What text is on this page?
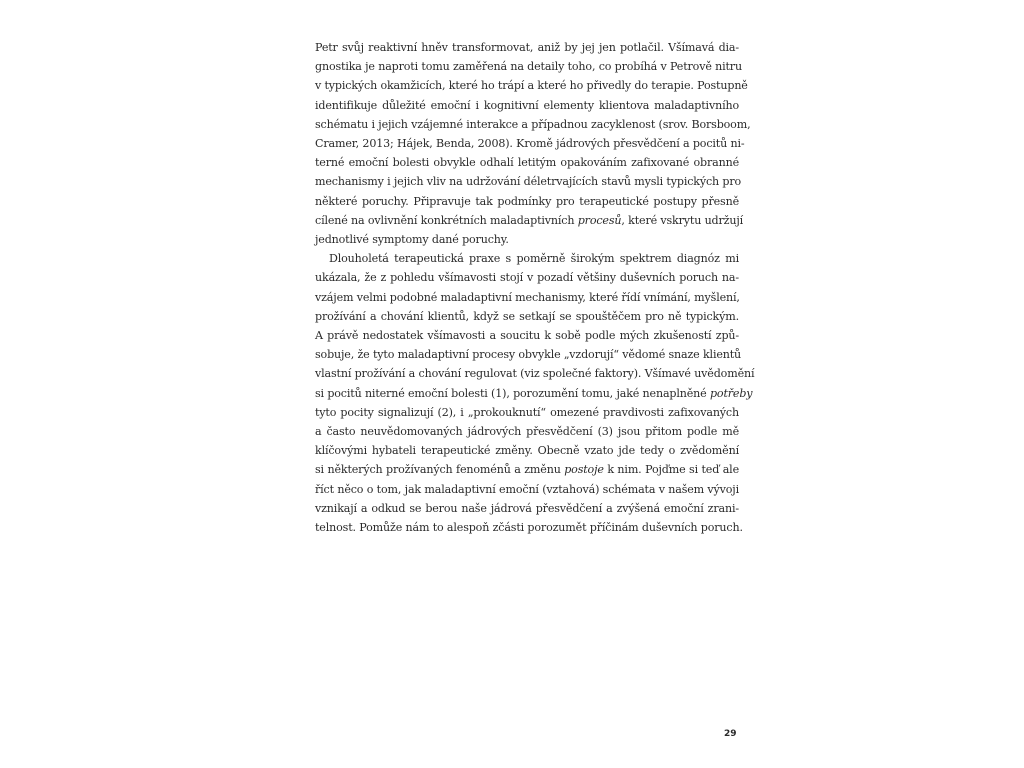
Petr svůj reaktivní hněv transformovat, aniž by jej jen potlačil. Všímavá dia-
gnostika je naproti tomu zaměřená na detaily toho, co probíhá v Petrově nitru
v typických okamžicích, které ho trápí a které ho přivedly do terapie. Postupně
identifikuje důležité emoční i kognitivní elementy klientova maladaptivního
schématu i jejich vzájemné interakce a případnou zacyklenost (srov. Borsboom,
Cramer, 2013; Hájek, Benda, 2008). Kromě jádrových přesvědčení a pocitů ni-
terné emoční bolesti obvykle odhalí letitým opakováním zafixované obranné
mechanismy i jejich vliv na udržování déletrvajících stavů mysli typických pro
některé poruchy. Připravuje tak podmínky pro terapeutické postupy přesně
cílené na ovlivnění konkrétních maladaptivních procesů, které vskrytu udržují
jednotlivé symptomy dané poruchy.

Dlouholetá terapeutická praxe s poměrně širokým spektrem diagnóz mi
ukázala, že z pohledu všímavosti stojí v pozadí většiny duševních poruch na-
vzájem velmi podobné maladaptivní mechanismy, které řídí vnímání, myšlení,
prožívání a chování klientů, když se setkají se spouštěčem pro ně typickým.
A právě nedostatek všímavosti a soucitu k sobě podle mých zkušeností způ-
sobuje, že tyto maladaptivní procesy obvykle „vzdorují“ vědomé snaze klientů
vlastní prožívání a chování regulovat (viz společné faktory). Všímavé uvědomění
si pocitů niterné emoční bolesti (1), porozumění tomu, jaké nenaplněné potřeby
tyto pocity signalizují (2), i „prokouknutí“ omezené pravdivosti zafixovaných
a často neuvědomovaných jádrových přesvědčení (3) jsou přitom podle mě
klíčovými hybateli terapeutické změny. Obecně vzato jde tedy o zvědomění
si některých prožívaných fenoménů a změnu postoje k nim. Pojďme si teď ale
říct něco o tom, jak maladaptivní emoční (vztahová) schémata v našem vývoji
vznikají a odkud se berou naše jádrová přesvědčení a zvýšená emoční zrani-
telnost. Pomůže nám to alespoň zčásti porozumět příčinám duševních poruch.

29
